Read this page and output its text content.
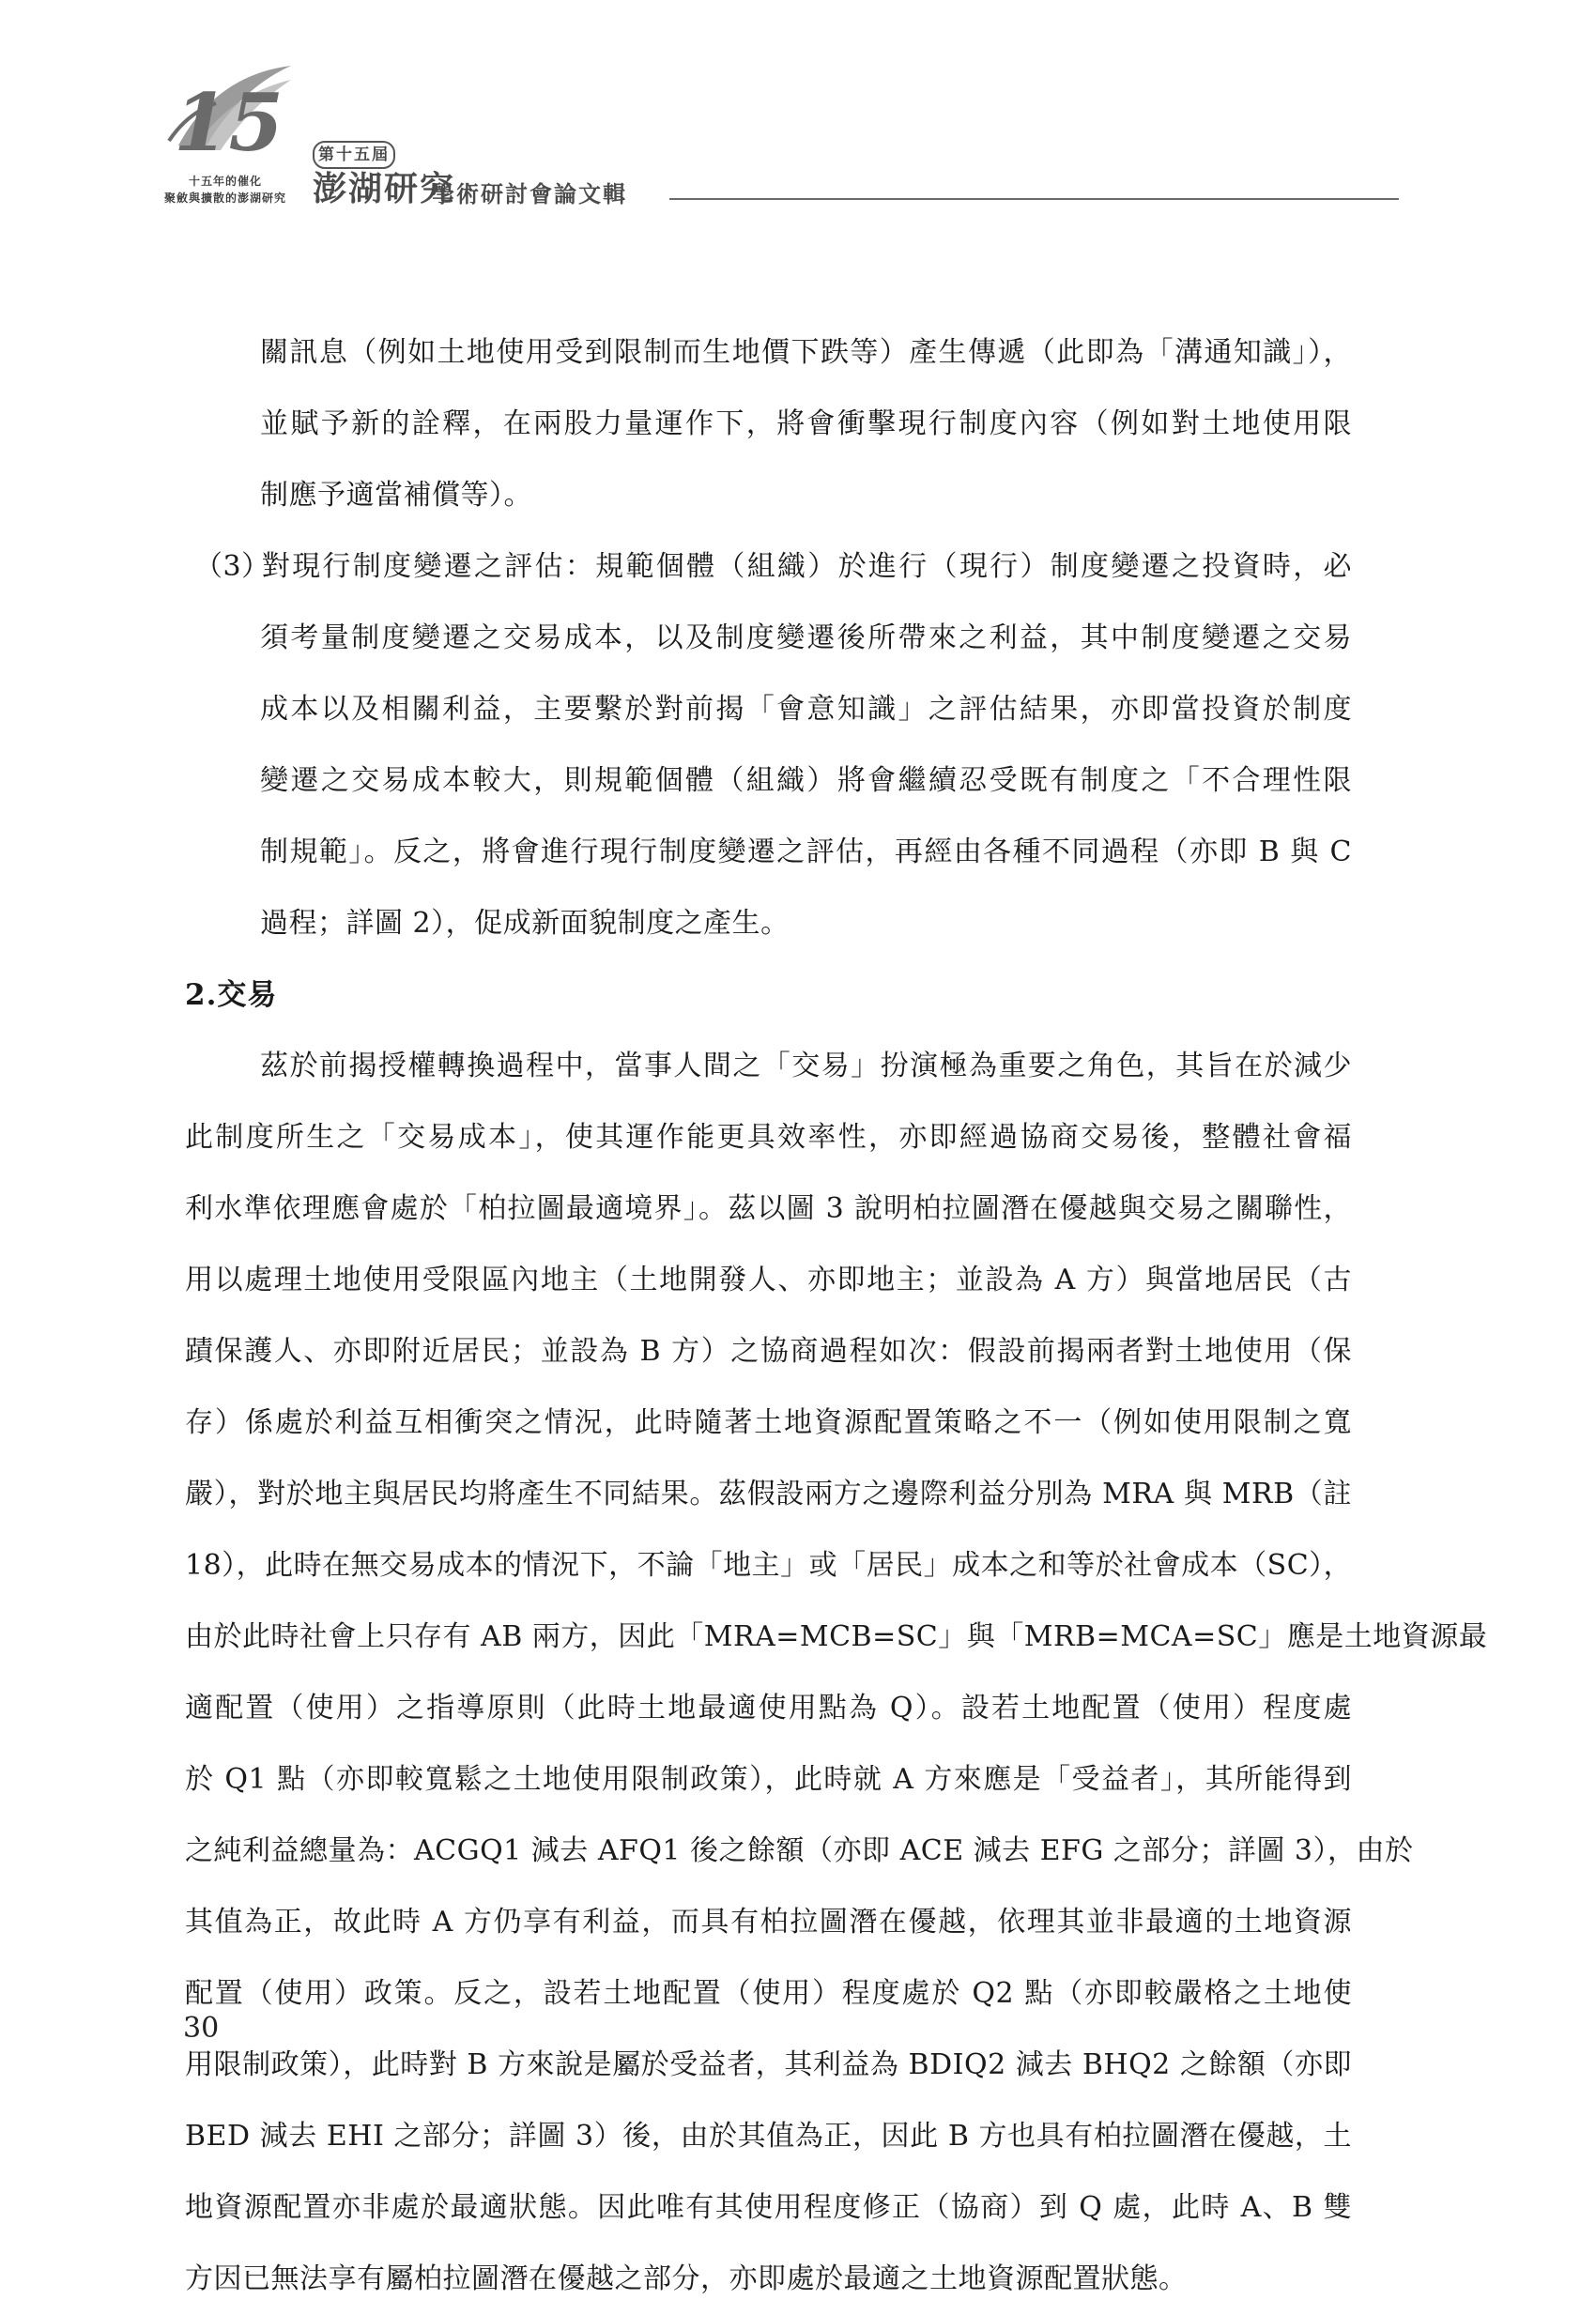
15
十五年的催化
聚斂與擴散的澎湖研究
第十五屆
澎湖研究
學術研討會論文輯
關訊息（例如土地使用受到限制而生地價下跌等）產生傳遞（此即為「溝通知識」），
並賦予新的詮釋，在兩股力量運作下，將會衝擊現行制度內容（例如對土地使用限
制應予適當補償等）。
（3）對現行制度變遷之評估：規範個體（組織）於進行（現行）制度變遷之投資時，必
須考量制度變遷之交易成本，以及制度變遷後所帶來之利益，其中制度變遷之交易
成本以及相關利益，主要繫於對前揭「會意知識」之評估結果，亦即當投資於制度
變遷之交易成本較大，則規範個體（組織）將會繼續忍受既有制度之「不合理性限
制規範」。反之，將會進行現行制度變遷之評估，再經由各種不同過程（亦即 B 與 C
過程；詳圖 2），促成新面貌制度之產生。
2.交易
茲於前揭授權轉換過程中，當事人間之「交易」扮演極為重要之角色，其旨在於減少
此制度所生之「交易成本」，使其運作能更具效率性，亦即經過協商交易後，整體社會福
利水準依理應會處於「柏拉圖最適境界」。茲以圖 3 說明柏拉圖潛在優越與交易之關聯性，
用以處理土地使用受限區內地主（土地開發人、亦即地主；並設為 A 方）與當地居民（古
蹟保護人、亦即附近居民；並設為 B 方）之協商過程如次：假設前揭兩者對土地使用（保
存）係處於利益互相衝突之情況，此時隨著土地資源配置策略之不一（例如使用限制之寬
嚴），對於地主與居民均將產生不同結果。茲假設兩方之邊際利益分別為 MRA 與 MRB（註
18），此時在無交易成本的情況下，不論「地主」或「居民」成本之和等於社會成本（SC），
由於此時社會上只存有 AB 兩方，因此「MRA=MCB=SC」與「MRB=MCA=SC」應是土地資源最
適配置（使用）之指導原則（此時土地最適使用點為 Q）。設若土地配置（使用）程度處
於 Q1 點（亦即較寬鬆之土地使用限制政策），此時就 A 方來應是「受益者」，其所能得到
之純利益總量為：ACGQ1 減去 AFQ1 後之餘額（亦即 ACE 減去 EFG 之部分；詳圖 3），由於
其值為正，故此時 A 方仍享有利益，而具有柏拉圖潛在優越，依理其並非最適的土地資源
配置（使用）政策。反之，設若土地配置（使用）程度處於 Q2 點（亦即較嚴格之土地使
用限制政策），此時對 B 方來說是屬於受益者，其利益為 BDIQ2 減去 BHQ2 之餘額（亦即
BED 減去 EHI 之部分；詳圖 3）後，由於其值為正，因此 B 方也具有柏拉圖潛在優越，土
地資源配置亦非處於最適狀態。因此唯有其使用程度修正（協商）到 Q 處，此時 A、B 雙
方因已無法享有屬柏拉圖潛在優越之部分，亦即處於最適之土地資源配置狀態。
30
